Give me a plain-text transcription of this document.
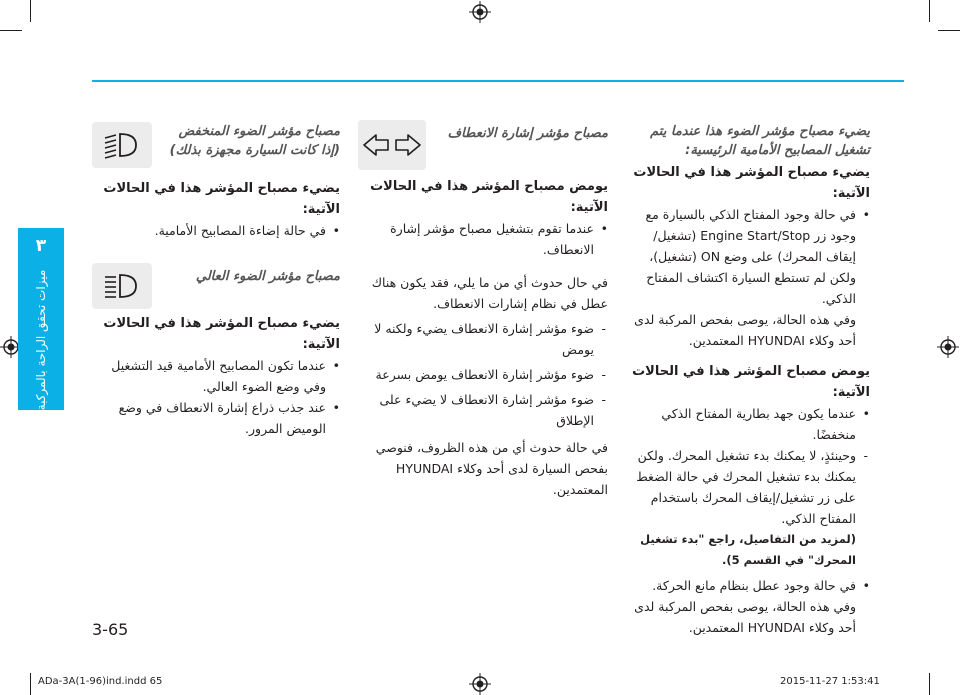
٣
ميزات تحقق الراحة بالمركبة

يضيء مصباح مؤشر الضوء هذا عندما يتم تشغيل المصابيح الأمامية الرئيسية:

يضيء مصباح المؤشر هذا في الحالات الآتية:

• في حالة وجود المفتاح الذكي بالسيارة مع وجود زر Engine Start/Stop (تشغيل/إيقاف المحرك) على وضع ON (تشغيل)، ولكن لم تستطع السيارة اكتشاف المفتاح الذكي.

وفي هذه الحالة، يوصى بفحص المركبة لدى أحد وكلاء HYUNDAI المعتمدين.

يومض مصباح المؤشر هذا في الحالات الآتية:

• عندما يكون جهد بطارية المفتاح الذكي منخفضًا.

- وحينئذٍ، لا يمكنك بدء تشغيل المحرك. ولكن يمكنك بدء تشغيل المحرك في حالة الضغط على زر تشغيل/إيقاف المحرك باستخدام المفتاح الذكي.

(لمزيد من التفاصيل، راجع "بدء تشغيل المحرك" في القسم 5).

• في حالة وجود عطل بنظام مانع الحركة.

وفي هذه الحالة، يوصى بفحص المركبة لدى أحد وكلاء HYUNDAI المعتمدين.

مصباح مؤشر إشارة الانعطاف

يومض مصباح المؤشر هذا في الحالات الآتية:

• عندما تقوم بتشغيل مصباح مؤشر إشارة الانعطاف.

في حال حدوث أي من ما يلي، فقد يكون هناك عطل في نظام إشارات الانعطاف.

- ضوء مؤشر إشارة الانعطاف يضيء ولكنه لا يومض

- ضوء مؤشر إشارة الانعطاف يومض بسرعة

- ضوء مؤشر إشارة الانعطاف لا يضيء على الإطلاق

في حالة حدوث أي من هذه الظروف، فنوصي بفحص السيارة لدى أحد وكلاء HYUNDAI المعتمدين.

مصباح مؤشر الضوء المنخفض

(إذا كانت السيارة مجهزة بذلك)

يضيء مصباح المؤشر هذا في الحالات الآتية:

• في حالة إضاءة المصابيح الأمامية.

مصباح مؤشر الضوء العالي

يضيء مصباح المؤشر هذا في الحالات الآتية:

• عندما تكون المصابيح الأمامية قيد التشغيل وفي وضع الضوء العالي.

• عند جذب ذراع إشارة الانعطاف في وضع الوميض المرور.

3-65
ADa-3A(1-96)ind.indd 65	2015-11-27 1:53:41
